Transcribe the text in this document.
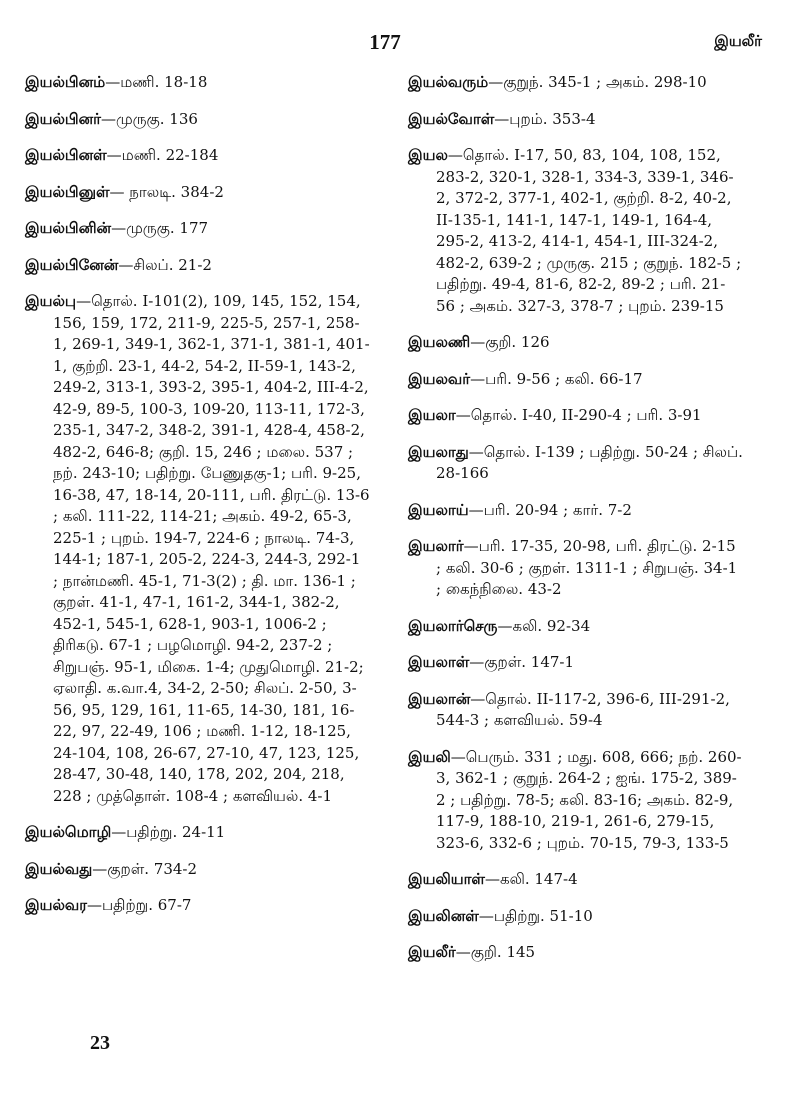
177	இயலீர்

இயல்பினம்—மணி. 18-18

இயல்பினர்—முருகு. 136

இயல்பினள்—மணி. 22-184

இயல்பினுள்— நாலடி. 384-2

இயல்பினின்—முருகு. 177

இயல்பினேன்—சிலப். 21-2

இயல்பு—தொல். I-101(2), 109, 145, 152, 154, 156, 159, 172, 211-9, 225-5, 257-1, 258-1, 269-1, 349-1, 362-1, 371-1, 381-1, 401-1, குற்றி. 23-1, 44-2, 54-2, II-59-1, 143-2, 249-2, 313-1, 393-2, 395-1, 404-2, III-4-2, 42-9, 89-5, 100-3, 109-20, 113-11, 172-3, 235-1, 347-2, 348-2, 391-1, 428-4, 458-2, 482-2, 646-8; குறி. 15, 246 ; மலை. 537 ; நற். 243-10; பதிற்று. பேணுதகு-1; பரி. 9-25, 16-38, 47, 18-14, 20-111, பரி. திரட்டு. 13-6 ; கலி. 111-22, 114-21; அகம். 49-2, 65-3, 225-1 ; புறம். 194-7, 224-6 ; நாலடி. 74-3, 144-1; 187-1, 205-2, 224-3, 244-3, 292-1 ; நான்மணி. 45-1, 71-3(2) ; தி. மா. 136-1 ; குறள். 41-1, 47-1, 161-2, 344-1, 382-2, 452-1, 545-1, 628-1, 903-1, 1006-2 ; திரிகடு. 67-1 ; பழமொழி. 94-2, 237-2 ; சிறுபஞ். 95-1, மிகை. 1-4; முதுமொழி. 21-2; ஏலாதி. க.வா.4, 34-2, 2-50; சிலப். 2-50, 3-56, 95, 129, 161, 11-65, 14-30, 181, 16-22, 97, 22-49, 106 ; மணி. 1-12, 18-125, 24-104, 108, 26-67, 27-10, 47, 123, 125, 28-47, 30-48, 140, 178, 202, 204, 218, 228 ; முத்தொள். 108-4 ; களவியல். 4-1

இயல்மொழி—பதிற்று. 24-11

இயல்வது—குறள். 734-2

இயல்வர—பதிற்று. 67-7

இயல்வரும்—குறுந். 345-1 ; அகம். 298-10

இயல்வோள்—புறம். 353-4

இயல—தொல். I-17, 50, 83, 104, 108, 152, 283-2, 320-1, 328-1, 334-3, 339-1, 346-2, 372-2, 377-1, 402-1, குற்றி. 8-2, 40-2, II-135-1, 141-1, 147-1, 149-1, 164-4, 295-2, 413-2, 414-1, 454-1, III-324-2, 482-2, 639-2 ; முருகு. 215 ; குறுந். 182-5 ; பதிற்று. 49-4, 81-6, 82-2, 89-2 ; பரி. 21-56 ; அகம். 327-3, 378-7 ; புறம். 239-15

இயலணி—குறி. 126

இயலவர்—பரி. 9-56 ; கலி. 66-17

இயலா—தொல். I-40, II-290-4 ; பரி. 3-91

இயலாது—தொல். I-139 ; பதிற்று. 50-24 ; சிலப். 28-166

இயலாய்—பரி. 20-94 ; கார். 7-2

இயலார்—பரி. 17-35, 20-98, பரி. திரட்டு. 2-15 ; கலி. 30-6 ; குறள். 1311-1 ; சிறுபஞ். 34-1 ; கைந்நிலை. 43-2

இயலார்செரு—கலி. 92-34

இயலாள்—குறள். 147-1

இயலான்—தொல். II-117-2, 396-6, III-291-2, 544-3 ; களவியல். 59-4

இயலி—பெரும். 331 ; மது. 608, 666; நற். 260-3, 362-1 ; குறுந். 264-2 ; ஐங். 175-2, 389-2 ; பதிற்று. 78-5; கலி. 83-16; அகம். 82-9, 117-9, 188-10, 219-1, 261-6, 279-15, 323-6, 332-6 ; புறம். 70-15, 79-3, 133-5

இயலியாள்—கலி. 147-4

இயலினள்—பதிற்று. 51-10

இயலீர்—குறி. 145

23
